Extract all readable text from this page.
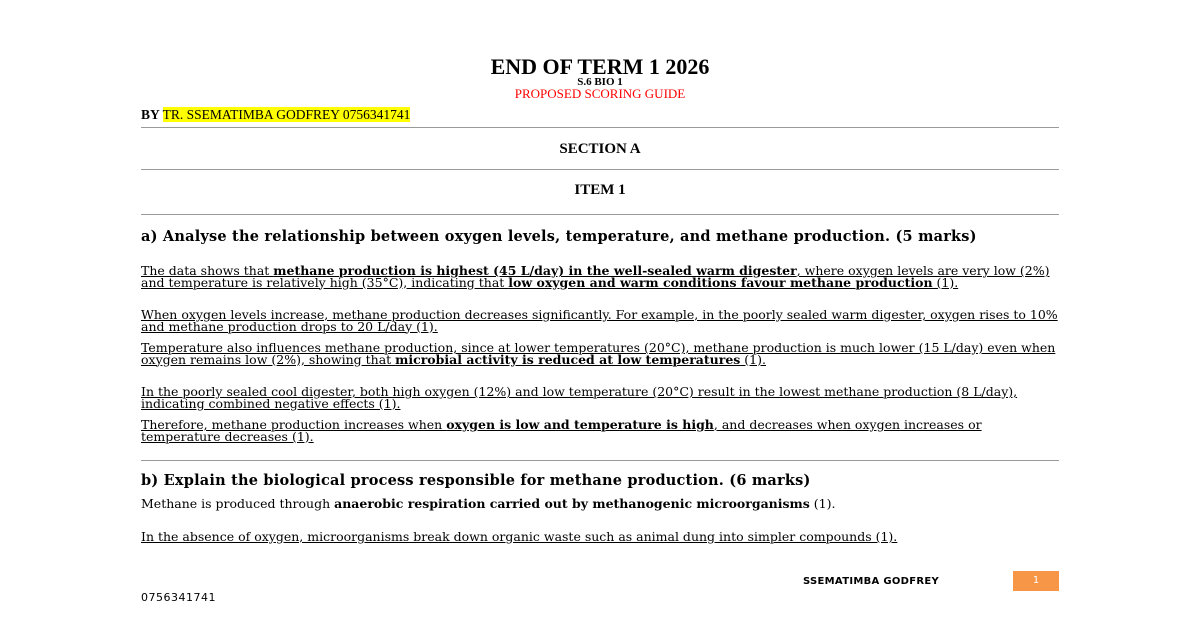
END OF TERM 1 2026
S.6 BIO 1
PROPOSED SCORING GUIDE
BY TR. SSEMATIMBA GODFREY 0756341741
SECTION A
ITEM 1
a) Analyse the relationship between oxygen levels, temperature, and methane production. (5 marks)
The data shows that methane production is highest (45 L/day) in the well-sealed warm digester, where oxygen levels are very low (2%) and temperature is relatively high (35°C), indicating that low oxygen and warm conditions favour methane production (1).
When oxygen levels increase, methane production decreases significantly. For example, in the poorly sealed warm digester, oxygen rises to 10% and methane production drops to 20 L/day (1).
Temperature also influences methane production, since at lower temperatures (20°C), methane production is much lower (15 L/day) even when oxygen remains low (2%), showing that microbial activity is reduced at low temperatures (1).
In the poorly sealed cool digester, both high oxygen (12%) and low temperature (20°C) result in the lowest methane production (8 L/day), indicating combined negative effects (1).
Therefore, methane production increases when oxygen is low and temperature is high, and decreases when oxygen increases or temperature decreases (1).
b) Explain the biological process responsible for methane production. (6 marks)
Methane is produced through anaerobic respiration carried out by methanogenic microorganisms (1).
In the absence of oxygen, microorganisms break down organic waste such as animal dung into simpler compounds (1).
SSEMATIMBA GODFREY	1
0756341741
